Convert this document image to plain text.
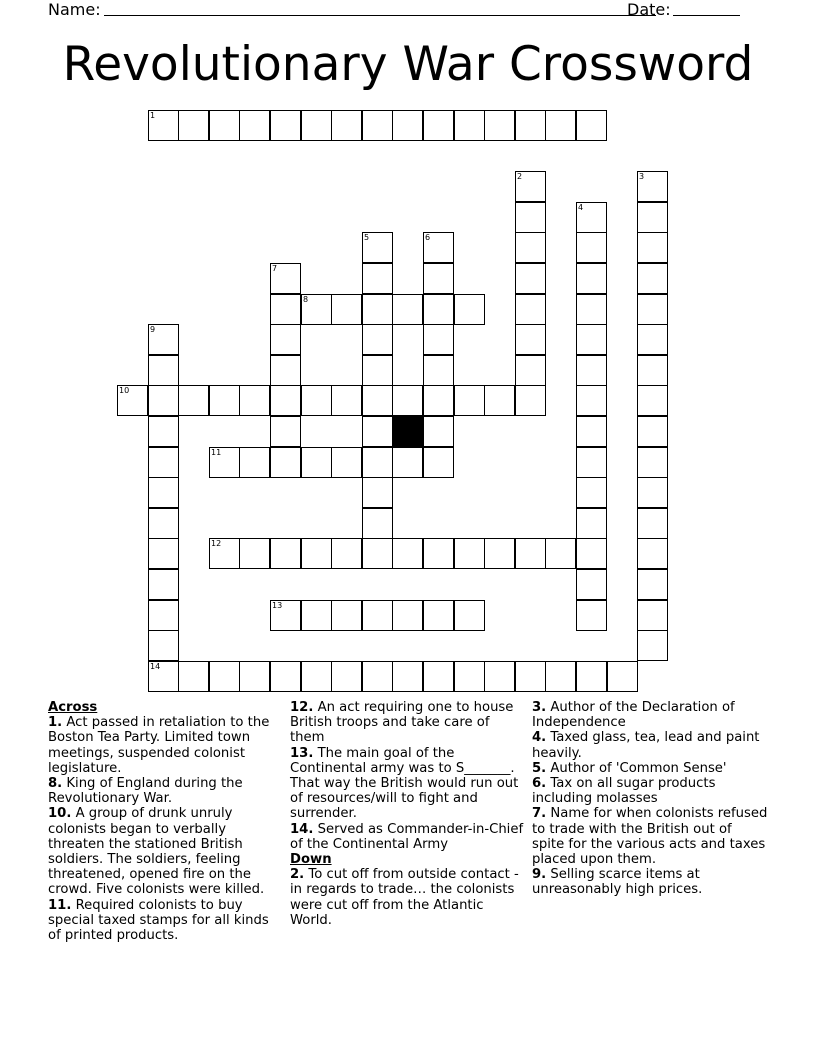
Name:	Date:
Revolutionary War Crossword
1
2	3
4
5	6
7
8
9
10
11
12
13
14
Across
1. Act passed in retaliation to the Boston Tea Party. Limited town meetings, suspended colonist legislature.
8. King of England during the Revolutionary War.
10. A group of drunk unruly colonists began to verbally threaten the stationed British soldiers. The soldiers, feeling threatened, opened fire on the crowd. Five colonists were killed.
11. Required colonists to buy special taxed stamps for all kinds of printed products.
12. An act requiring one to house British troops and take care of them
13. The main goal of the Continental army was to S_______. That way the British would run out of resources/will to fight and surrender.
14. Served as Commander-in-Chief of the Continental Army
Down
2. To cut off from outside contact - in regards to trade… the colonists were cut off from the Atlantic World.
3. Author of the Declaration of Independence
4. Taxed glass, tea, lead and paint heavily.
5. Author of 'Common Sense'
6. Tax on all sugar products including molasses
7. Name for when colonists refused to trade with the British out of spite for the various acts and taxes placed upon them.
9. Selling scarce items at unreasonably high prices.
